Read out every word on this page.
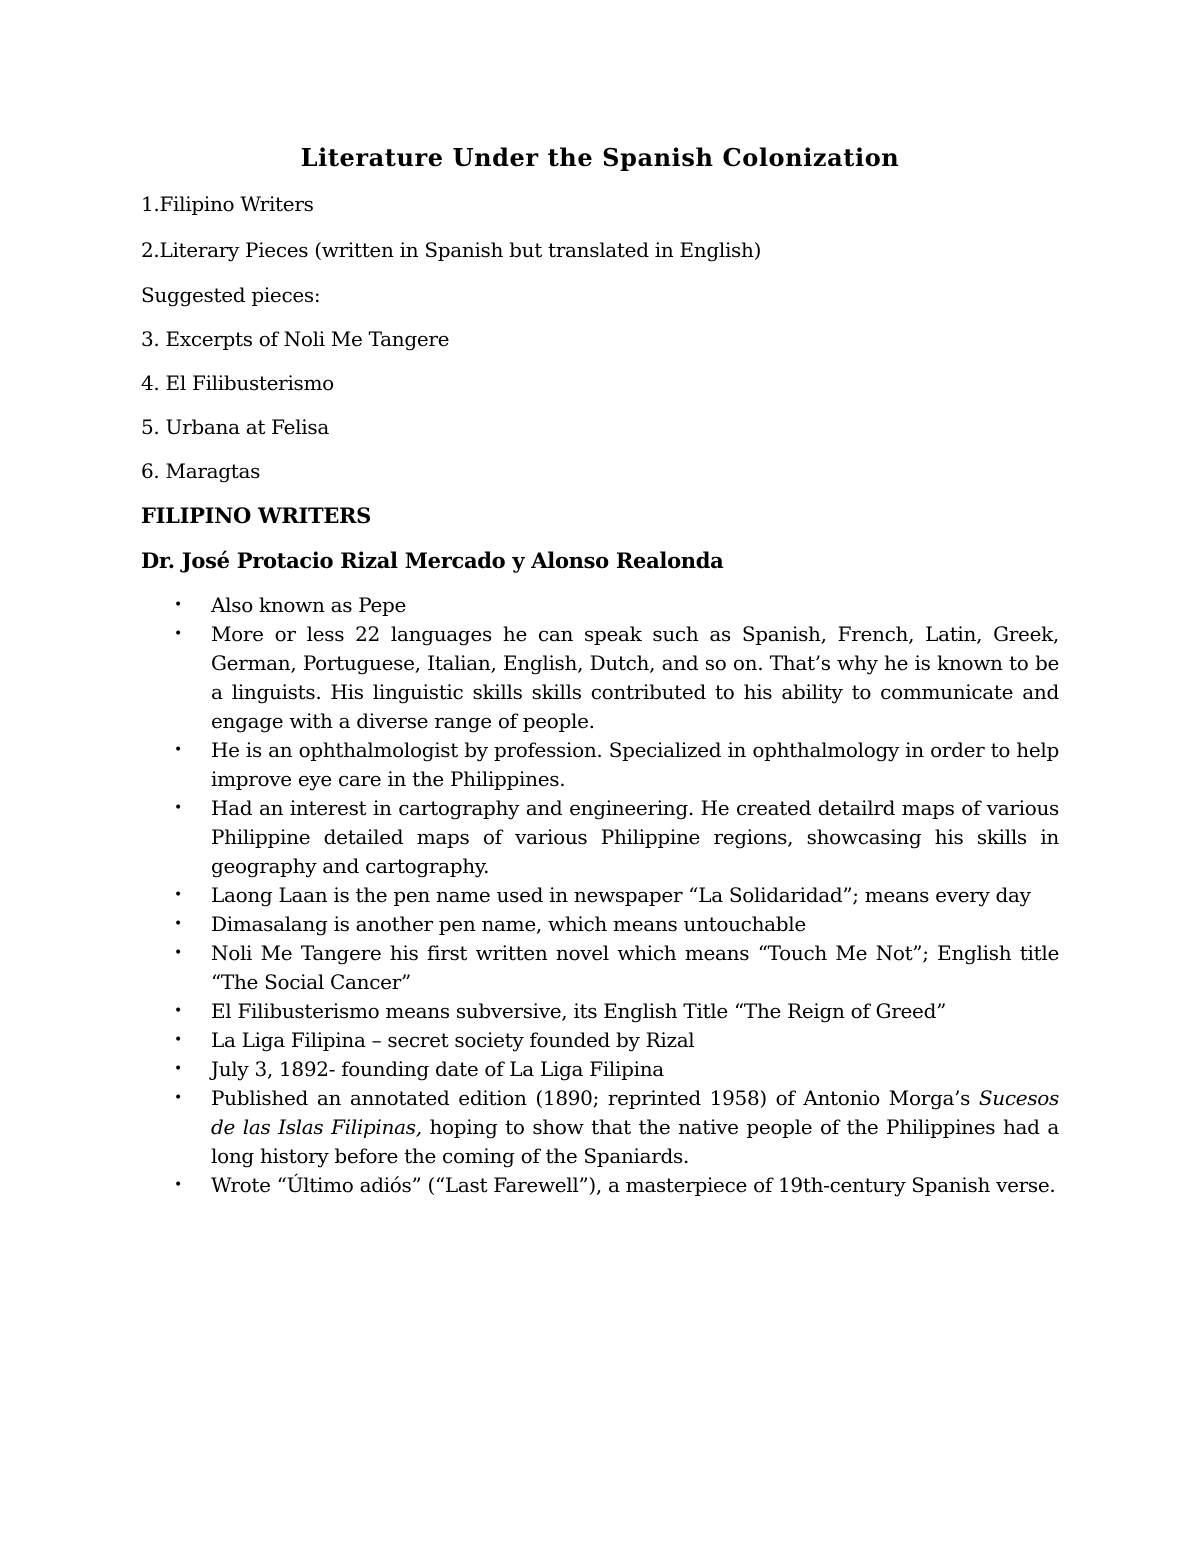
Literature Under the Spanish Colonization

1.Filipino Writers

2.Literary Pieces (written in Spanish but translated in English)

Suggested pieces:

3. Excerpts of Noli Me Tangere

4. El Filibusterismo

5. Urbana at Felisa

6. Maragtas

FILIPINO WRITERS

Dr. José Protacio Rizal Mercado y Alonso Realonda

• Also known as Pepe
• More or less 22 languages he can speak such as Spanish, French, Latin, Greek, German, Portuguese, Italian, English, Dutch, and so on. That’s why he is known to be a linguists. His linguistic skills skills contributed to his ability to communicate and engage with a diverse range of people.
• He is an ophthalmologist by profession. Specialized in ophthalmology in order to help improve eye care in the Philippines.
• Had an interest in cartography and engineering. He created detailrd maps of various Philippine detailed maps of various Philippine regions, showcasing his skills in geography and cartography.
• Laong Laan is the pen name used in newspaper “La Solidaridad”; means every day
• Dimasalang is another pen name, which means untouchable
• Noli Me Tangere his first written novel which means “Touch Me Not”; English title “The Social Cancer”
• El Filibusterismo means subversive, its English Title “The Reign of Greed”
• La Liga Filipina – secret society founded by Rizal
• July 3, 1892- founding date of La Liga Filipina
• Published an annotated edition (1890; reprinted 1958) of Antonio Morga’s Sucesos de las Islas Filipinas, hoping to show that the native people of the Philippines had a long history before the coming of the Spaniards.
• Wrote “Último adiós” (“Last Farewell”), a masterpiece of 19th-century Spanish verse.
